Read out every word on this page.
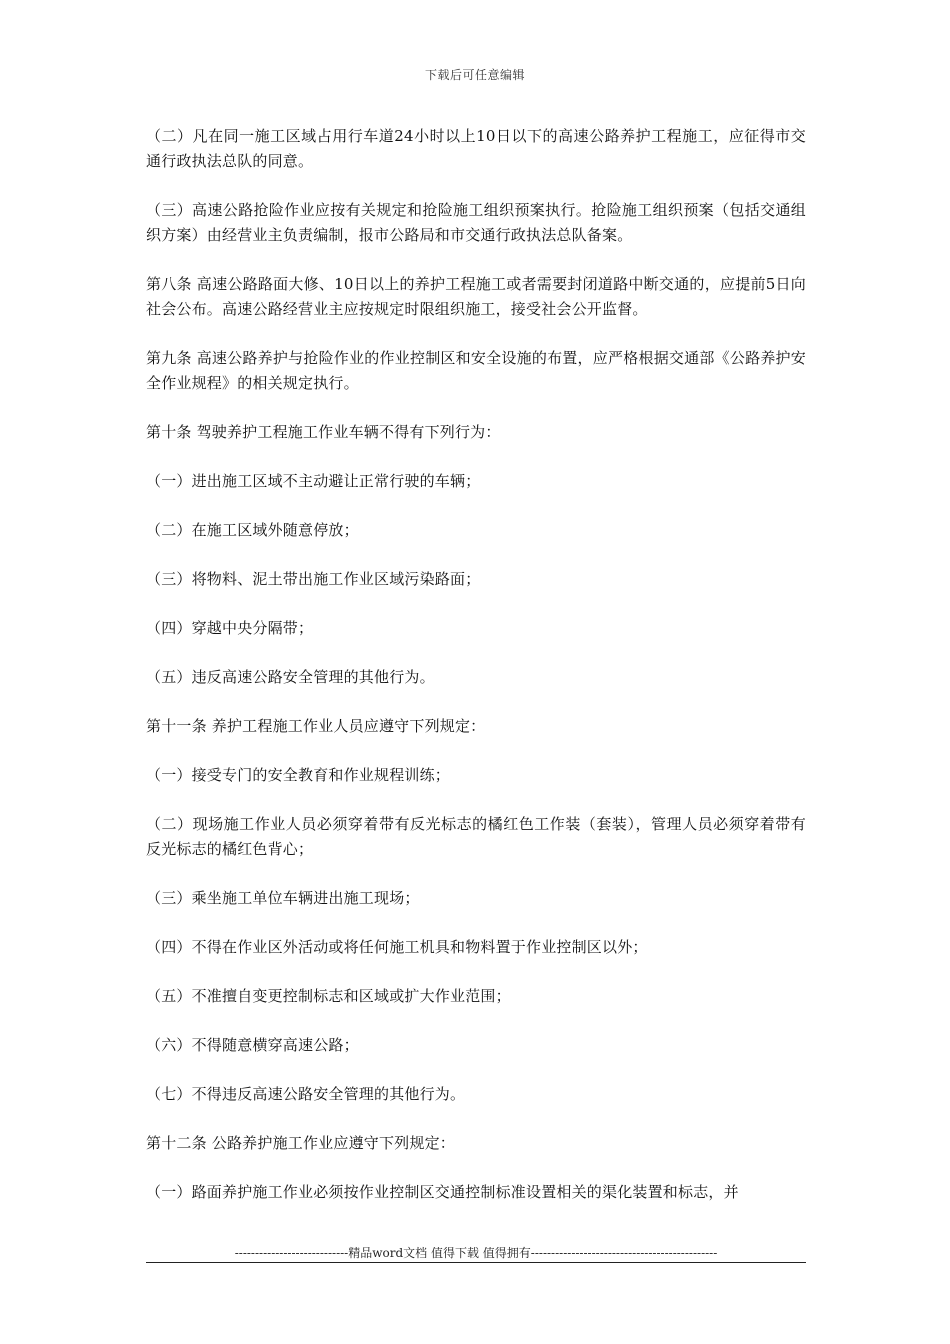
下载后可任意编辑

（二）凡在同一施工区域占用行车道24小时以上10日以下的高速公路养护工程施工，应征得市交通行政执法总队的同意。

（三）高速公路抢险作业应按有关规定和抢险施工组织预案执行。抢险施工组织预案（包括交通组织方案）由经营业主负责编制，报市公路局和市交通行政执法总队备案。

第八条 高速公路路面大修、10日以上的养护工程施工或者需要封闭道路中断交通的，应提前5日向社会公布。高速公路经营业主应按规定时限组织施工，接受社会公开监督。

第九条 高速公路养护与抢险作业的作业控制区和安全设施的布置，应严格根据交通部《公路养护安全作业规程》的相关规定执行。

第十条 驾驶养护工程施工作业车辆不得有下列行为：

（一）进出施工区域不主动避让正常行驶的车辆；

（二）在施工区域外随意停放；

（三）将物料、泥土带出施工作业区域污染路面；

（四）穿越中央分隔带；

（五）违反高速公路安全管理的其他行为。

第十一条 养护工程施工作业人员应遵守下列规定：

（一）接受专门的安全教育和作业规程训练；

（二）现场施工作业人员必须穿着带有反光标志的橘红色工作装（套装），管理人员必须穿着带有反光标志的橘红色背心；

（三）乘坐施工单位车辆进出施工现场；

（四）不得在作业区外活动或将任何施工机具和物料置于作业控制区以外；

（五）不准擅自变更控制标志和区域或扩大作业范围；

（六）不得随意横穿高速公路；

（七）不得违反高速公路安全管理的其他行为。

第十二条 公路养护施工作业应遵守下列规定：

（一）路面养护施工作业必须按作业控制区交通控制标准设置相关的渠化装置和标志，并

----------------------------精品word文档 值得下载 值得拥有----------------------------------------------
